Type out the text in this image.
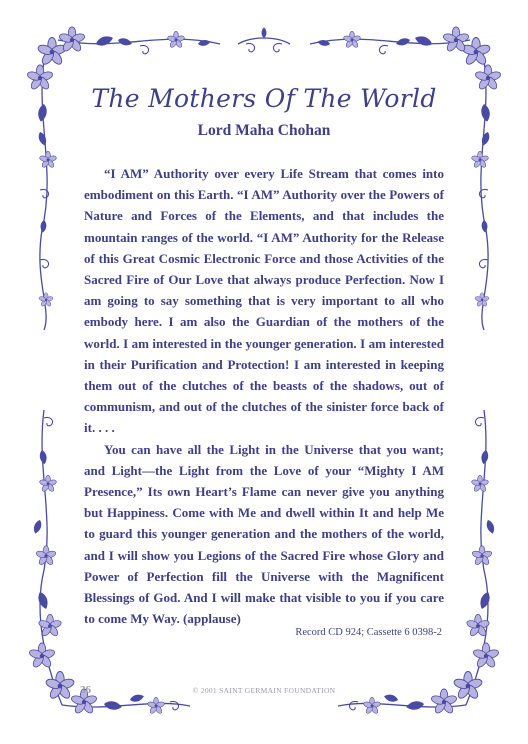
The Mothers Of The World
Lord Maha Chohan

“I AM” Authority over every Life Stream that comes into embodiment on this Earth. “I AM” Authority over the Powers of Nature and Forces of the Elements, and that includes the mountain ranges of the world. “I AM” Authority for the Release of this Great Cosmic Electronic Force and those Activities of the Sacred Fire of Our Love that always produce Perfection. Now I am going to say something that is very important to all who embody here. I am also the Guardian of the mothers of the world. I am interested in the younger generation. I am interested in their Purification and Protection! I am interested in keeping them out of the clutches of the beasts of the shadows, out of communism, and out of the clutches of the sinister force back of it. . . .

You can have all the Light in the Universe that you want; and Light—the Light from the Love of your “Mighty I AM Presence,” Its own Heart’s Flame can never give you anything but Happiness. Come with Me and dwell within It and help Me to guard this younger generation and the mothers of the world, and I will show you Legions of the Sacred Fire whose Glory and Power of Perfection fill the Universe with the Magnificent Blessings of God. And I will make that visible to you if you care to come My Way. (applause)

Record CD 924; Cassette 6 0398-2
36	© 2001 SAINT GERMAIN FOUNDATION
